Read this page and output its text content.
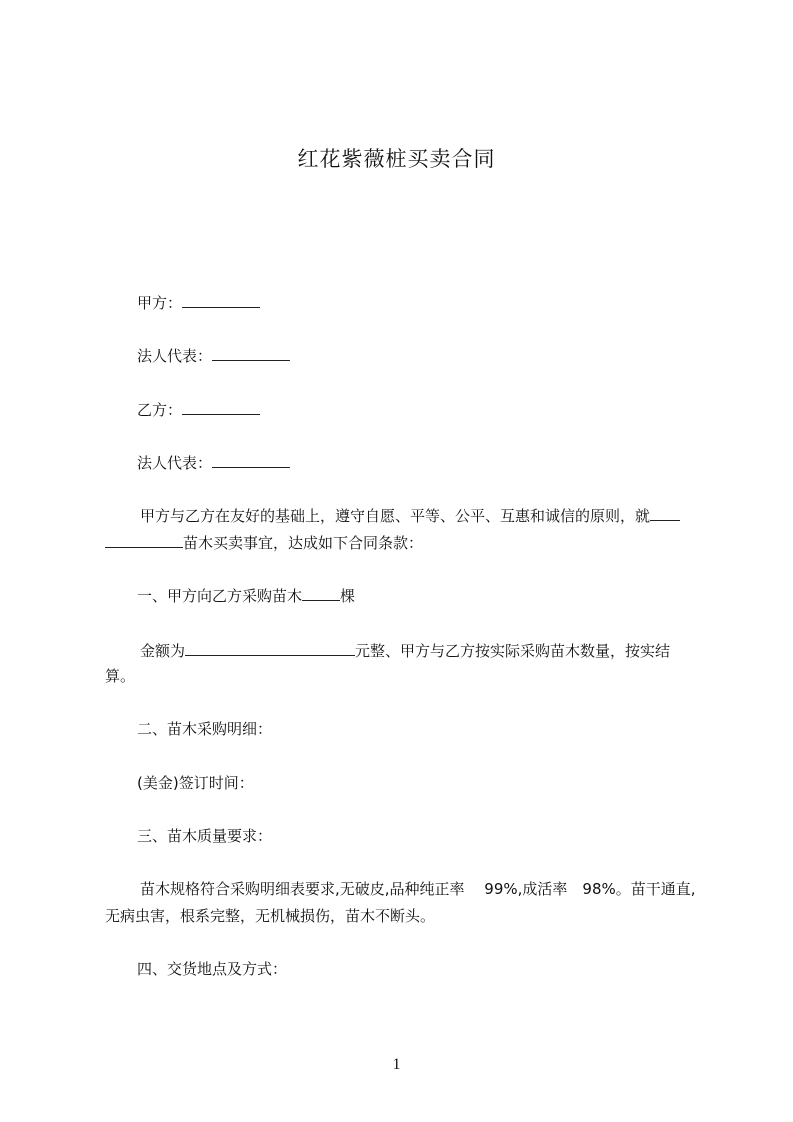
红花紫薇桩买卖合同
甲方：
法人代表：
乙方：
法人代表：
甲方与乙方在友好的基础上，遵守自愿、平等、公平、互惠和诚信的原则，就
苗木买卖事宜，达成如下合同条款：
一、甲方向乙方采购苗木	棵
金额为	元整、甲方与乙方按实际采购苗木数量，按实结
算。
二、苗木采购明细：
(美金)签订时间：
三、苗木质量要求：
苗木规格符合采购明细表要求,无破皮,品种纯正率　 99%,成活率　98%。苗干通直,
无病虫害，根系完整，无机械损伤，苗木不断头。
四、交货地点及方式：
1
